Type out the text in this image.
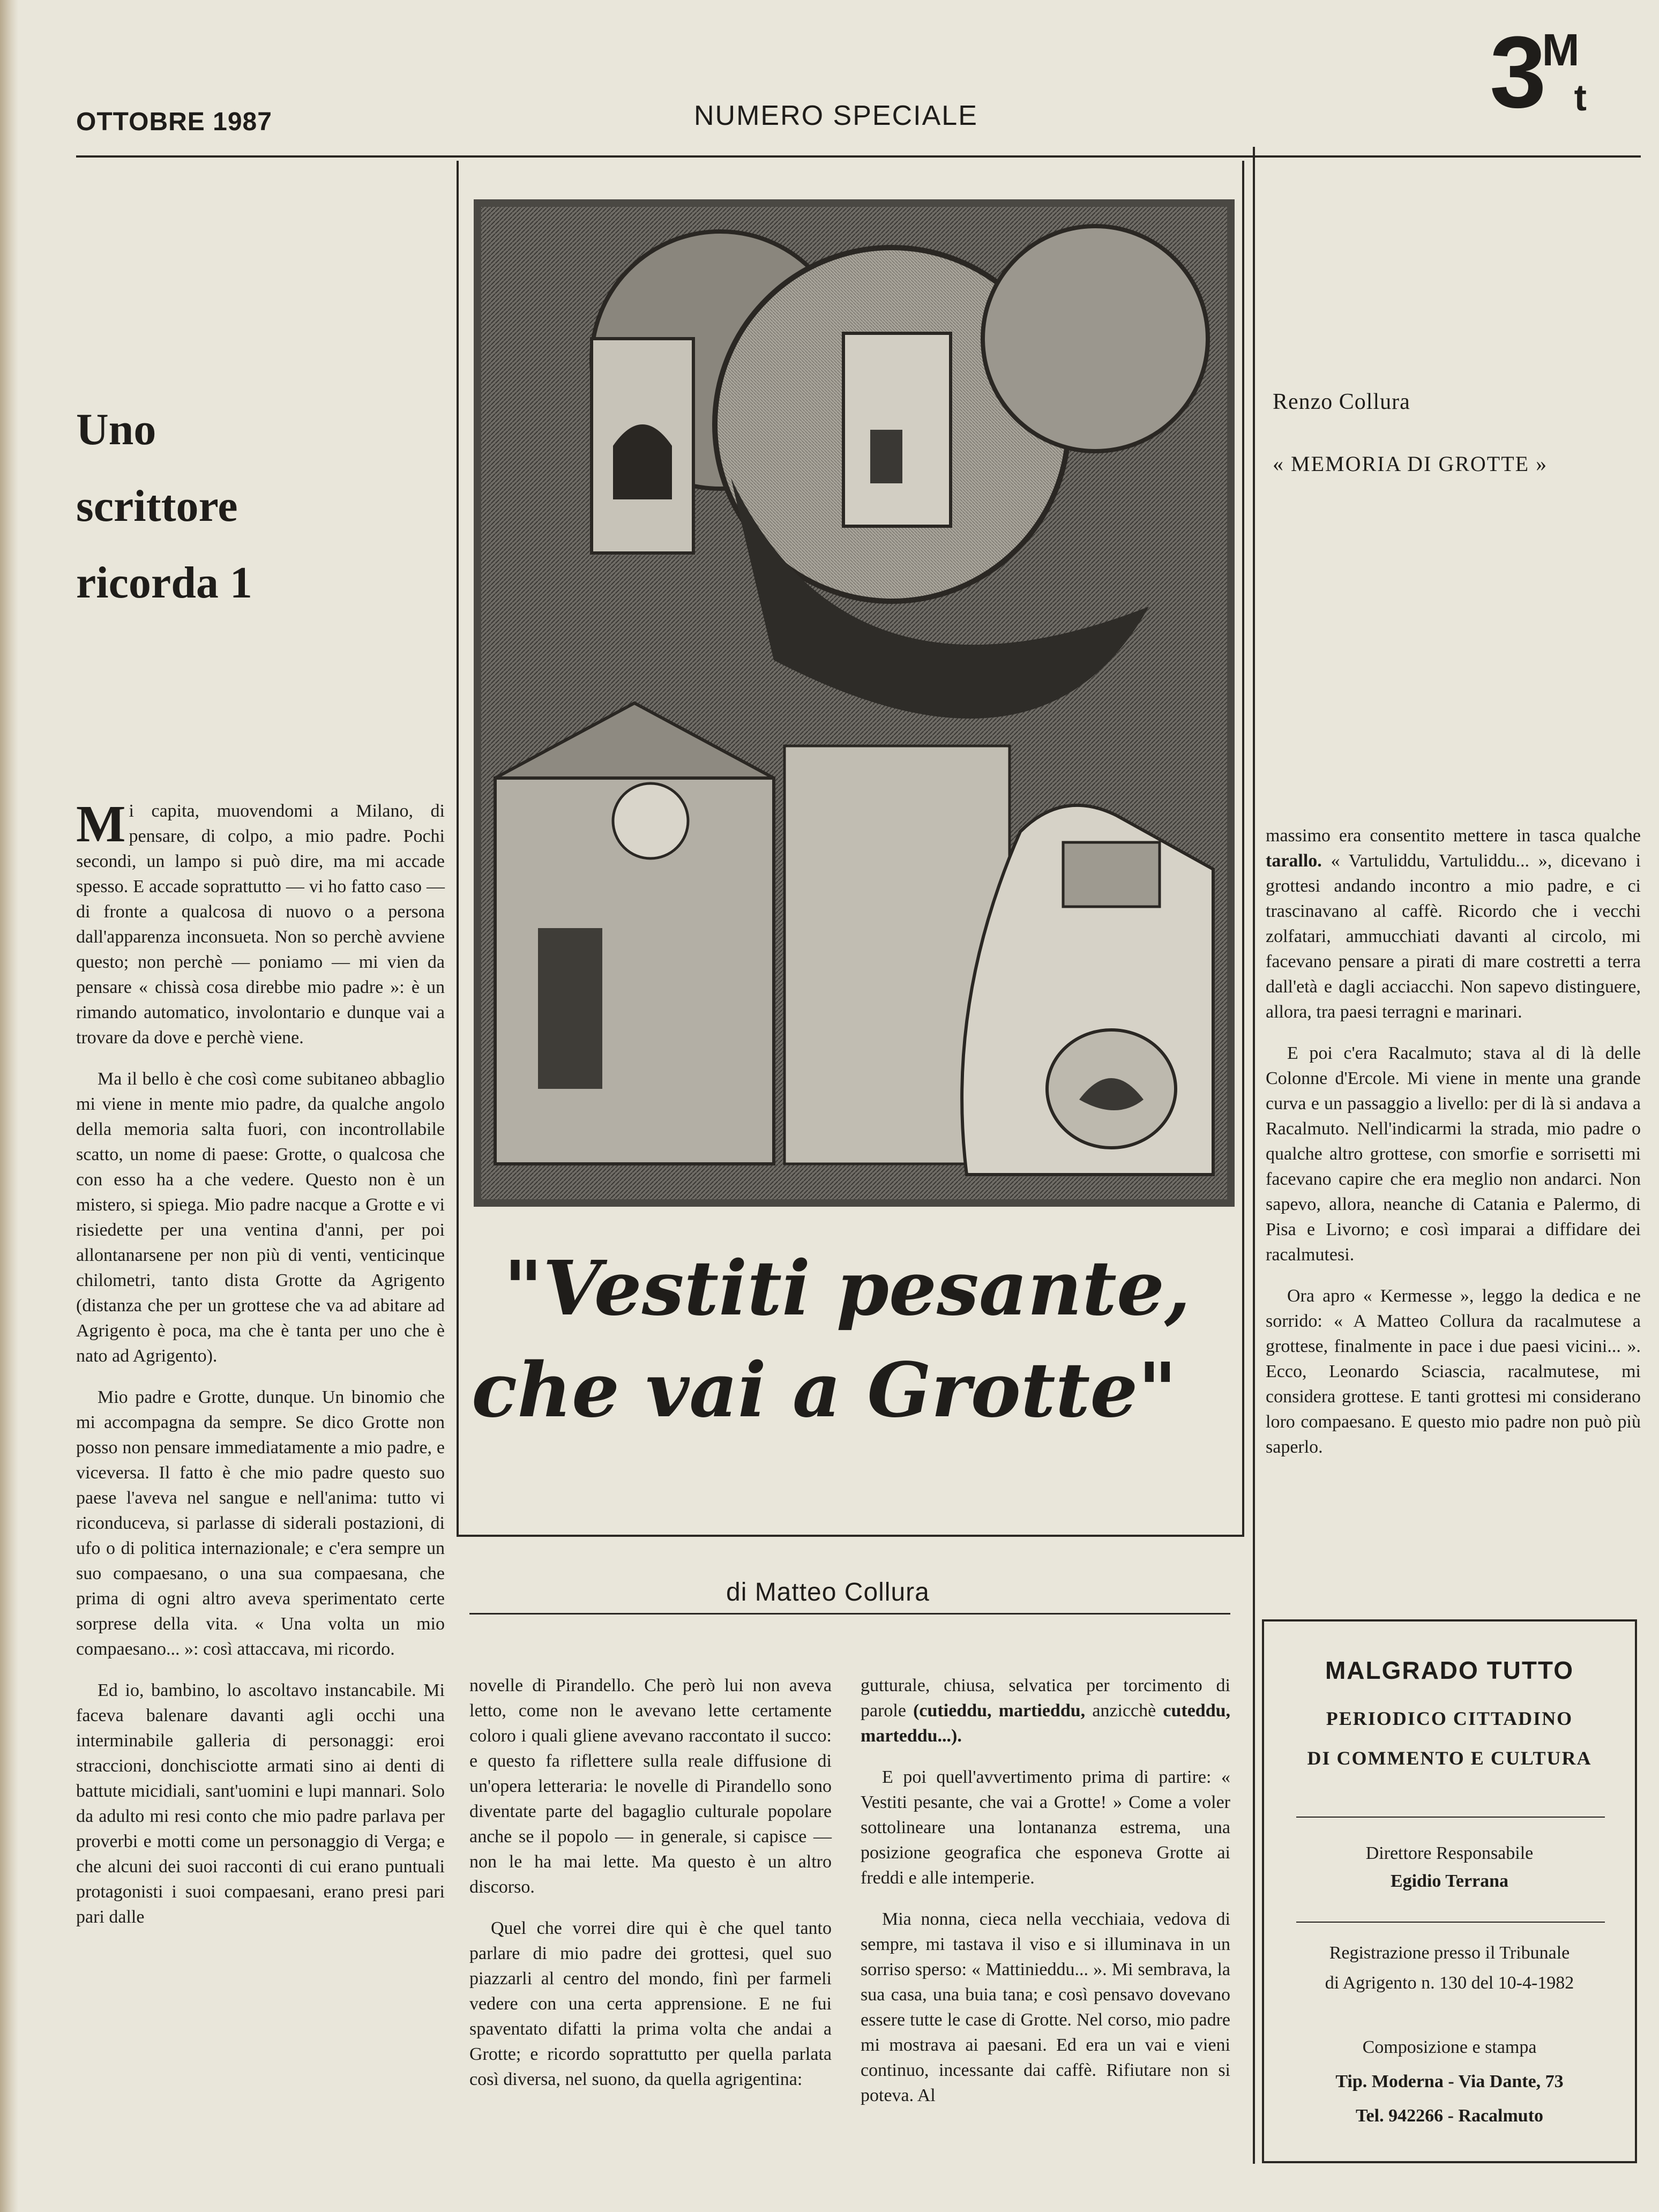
OTTOBRE 1987	NUMERO SPECIALE	$3^M_t$
Uno
scrittore
ricorda 1

Mi capita, muovendomi a Milano, di pensare, di colpo, a mio padre. Pochi secondi, un lampo si può dire, ma mi accade spesso. E accade soprattutto — vi ho fatto caso — di fronte a qualcosa di nuovo o a persona dall'apparenza inconsueta. Non so perchè avviene questo; non perchè — poniamo — mi vien da pensare « chissà cosa direbbe mio padre »: è un rimando automatico, involontario e dunque vai a trovare da dove e perchè viene.

Ma il bello è che così come subitaneo abbaglio mi viene in mente mio padre, da qualche angolo della memoria salta fuori, con incontrollabile scatto, un nome di paese: Grotte, o qualcosa che con esso ha a che vedere. Questo non è un mistero, si spiega. Mio padre nacque a Grotte e vi risiedette per una ventina d'anni, per poi allontanarsene per non più di venti, venticinque chilometri, tanto dista Grotte da Agrigento (distanza che per un grottese che va ad abitare ad Agrigento è poca, ma che è tanta per uno che è nato ad Agrigento).

Mio padre e Grotte, dunque. Un binomio che mi accompagna da sempre. Se dico Grotte non posso non pensare immediatamente a mio padre, e viceversa. Il fatto è che mio padre questo suo paese l'aveva nel sangue e nell'anima: tutto vi riconduceva, si parlasse di siderali postazioni, di ufo o di politica internazionale; e c'era sempre un suo compaesano, o una sua compaesana, che prima di ogni altro aveva sperimentato certe sorprese della vita. « Una volta un mio compaesano... »: così attaccava, mi ricordo.

Ed io, bambino, lo ascoltavo instancabile. Mi faceva balenare davanti agli occhi una interminabile galleria di personaggi: eroi straccioni, donchisciotte armati sino ai denti di battute micidiali, sant'uomini e lupi mannari. Solo da adulto mi resi conto che mio padre parlava per proverbi e motti come un personaggio di Verga; e che alcuni dei suoi racconti di cui erano puntuali protagonisti i suoi compaesani, erano presi pari pari dalle

"Vestiti pesante,
che vai a Grotte"
di Matteo Collura

novelle di Pirandello. Che però lui non aveva letto, come non le avevano lette certamente coloro i quali gliene avevano raccontato il succo: e questo fa riflettere sulla reale diffusione di un'opera letteraria: le novelle di Pirandello sono diventate parte del bagaglio culturale popolare anche se il popolo — in generale, si capisce — non le ha mai lette. Ma questo è un altro discorso.

Quel che vorrei dire qui è che quel tanto parlare di mio padre dei grottesi, quel suo piazzarli al centro del mondo, finì per farmeli vedere con una certa apprensione. E ne fui spaventato difatti la prima volta che andai a Grotte; e ricordo soprattutto per quella parlata così diversa, nel suono, da quella agrigentina:

gutturale, chiusa, selvatica per torcimento di parole (cutieddu, martieddu, anzicchè cuteddu, marteddu...).

E poi quell'avvertimento prima di partire: « Vestiti pesante, che vai a Grotte! » Come a voler sottolineare una lontananza estrema, una posizione geografica che esponeva Grotte ai freddi e alle intemperie.

Mia nonna, cieca nella vecchiaia, vedova di sempre, mi tastava il viso e si illuminava in un sorriso sperso: « Mattinieddu... ». Mi sembrava, la sua casa, una buia tana; e così pensavo dovevano essere tutte le case di Grotte. Nel corso, mio padre mi mostrava ai paesani. Ed era un vai e vieni continuo, incessante dai caffè. Rifiutare non si poteva. Al

Renzo Collura
« MEMORIA DI GROTTE »

massimo era consentito mettere in tasca qualche tarallo. « Vartuliddu, Vartuliddu... », dicevano i grottesi andando incontro a mio padre, e ci trascinavano al caffè. Ricordo che i vecchi zolfatari, ammucchiati davanti al circolo, mi facevano pensare a pirati di mare costretti a terra dall'età e dagli acciacchi. Non sapevo distinguere, allora, tra paesi terragni e marinari.

E poi c'era Racalmuto; stava al di là delle Colonne d'Ercole. Mi viene in mente una grande curva e un passaggio a livello: per di là si andava a Racalmuto. Nell'indicarmi la strada, mio padre o qualche altro grottese, con smorfie e sorrisetti mi facevano capire che era meglio non andarci. Non sapevo, allora, neanche di Catania e Palermo, di Pisa e Livorno; e così imparai a diffidare dei racalmutesi.

Ora apro « Kermesse », leggo la dedica e ne sorrido: « A Matteo Collura da racalmutese a grottese, finalmente in pace i due paesi vicini... ». Ecco, Leonardo Sciascia, racalmutese, mi considera grottese. E tanti grottesi mi considerano loro compaesano. E questo mio padre non può più saperlo.

MALGRADO TUTTO
PERIODICO CITTADINO
DI COMMENTO E CULTURA
Direttore Responsabile
Egidio Terrana
Registrazione presso il Tribunale
di Agrigento n. 130 del 10-4-1982
Composizione e stampa
Tip. Moderna - Via Dante, 73
Tel. 942266 - Racalmuto
